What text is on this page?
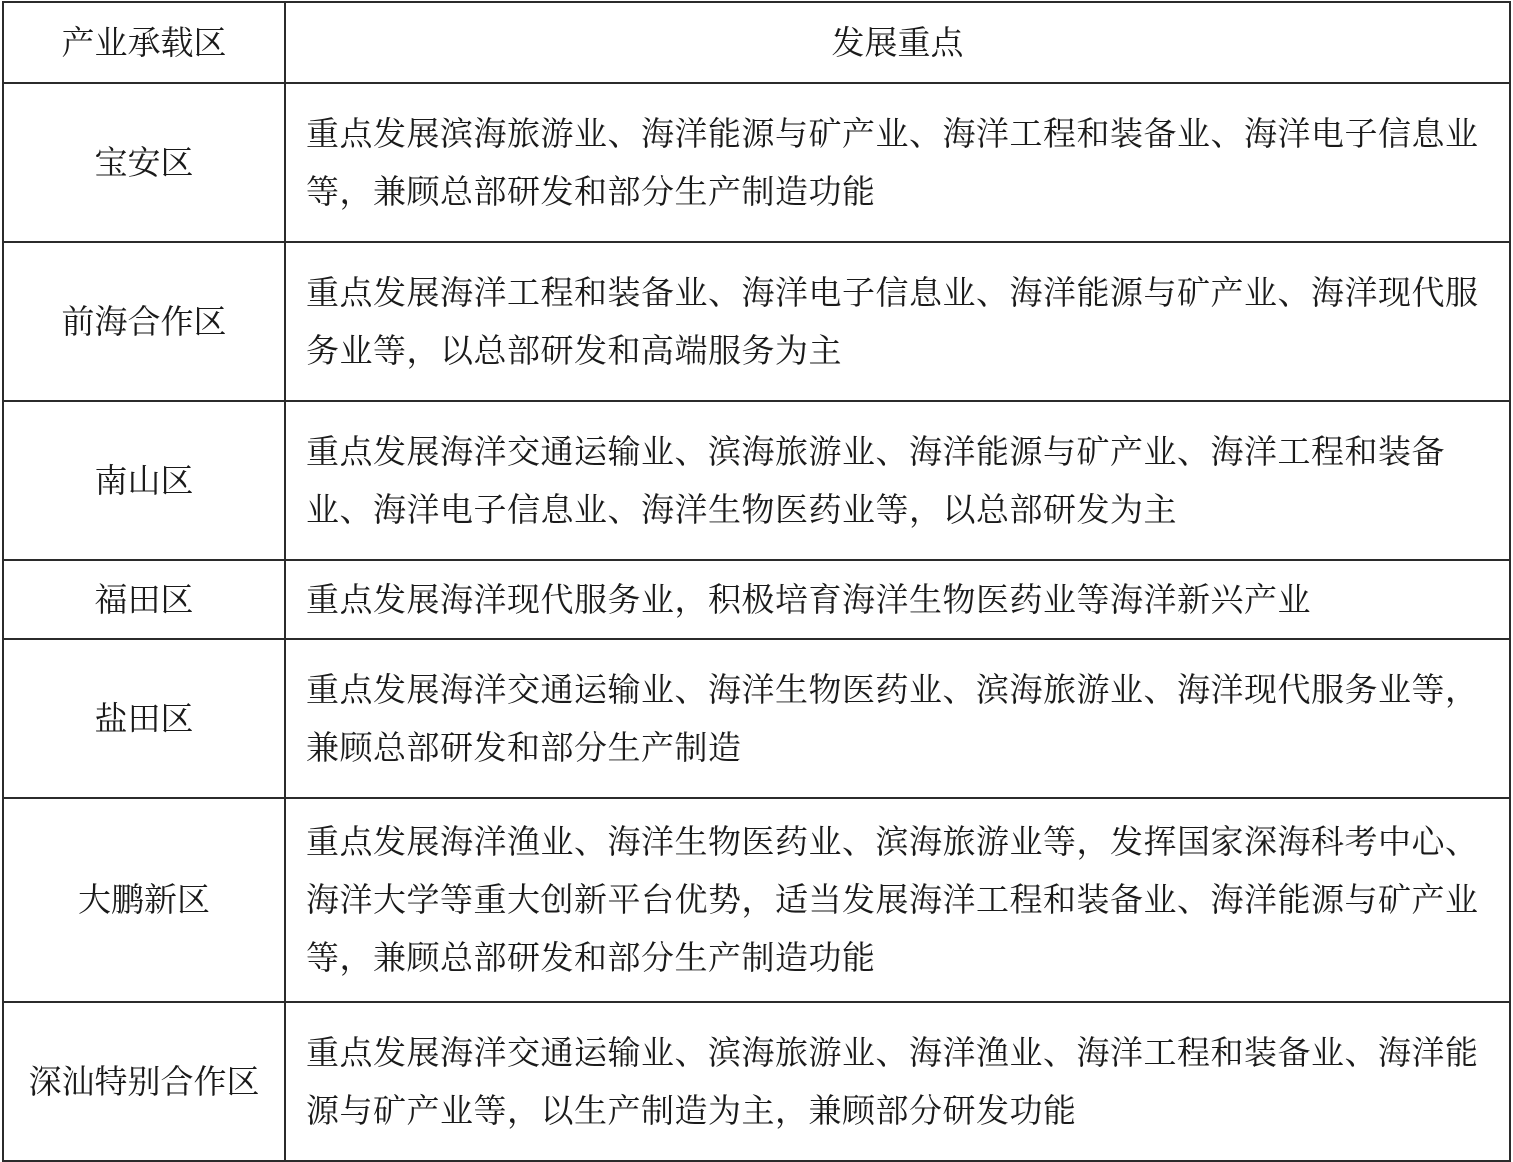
产业承载区	发展重点
宝安区	重点发展滨海旅游业、海洋能源与矿产业、海洋工程和装备业、海洋电子信息业等，兼顾总部研发和部分生产制造功能
前海合作区	重点发展海洋工程和装备业、海洋电子信息业、海洋能源与矿产业、海洋现代服务业等，以总部研发和高端服务为主
南山区	重点发展海洋交通运输业、滨海旅游业、海洋能源与矿产业、海洋工程和装备业、海洋电子信息业、海洋生物医药业等，以总部研发为主
福田区	重点发展海洋现代服务业，积极培育海洋生物医药业等海洋新兴产业
盐田区	重点发展海洋交通运输业、海洋生物医药业、滨海旅游业、海洋现代服务业等，兼顾总部研发和部分生产制造
大鹏新区	重点发展海洋渔业、海洋生物医药业、滨海旅游业等，发挥国家深海科考中心、海洋大学等重大创新平台优势，适当发展海洋工程和装备业、海洋能源与矿产业等，兼顾总部研发和部分生产制造功能
深汕特别合作区	重点发展海洋交通运输业、滨海旅游业、海洋渔业、海洋工程和装备业、海洋能源与矿产业等，以生产制造为主，兼顾部分研发功能
